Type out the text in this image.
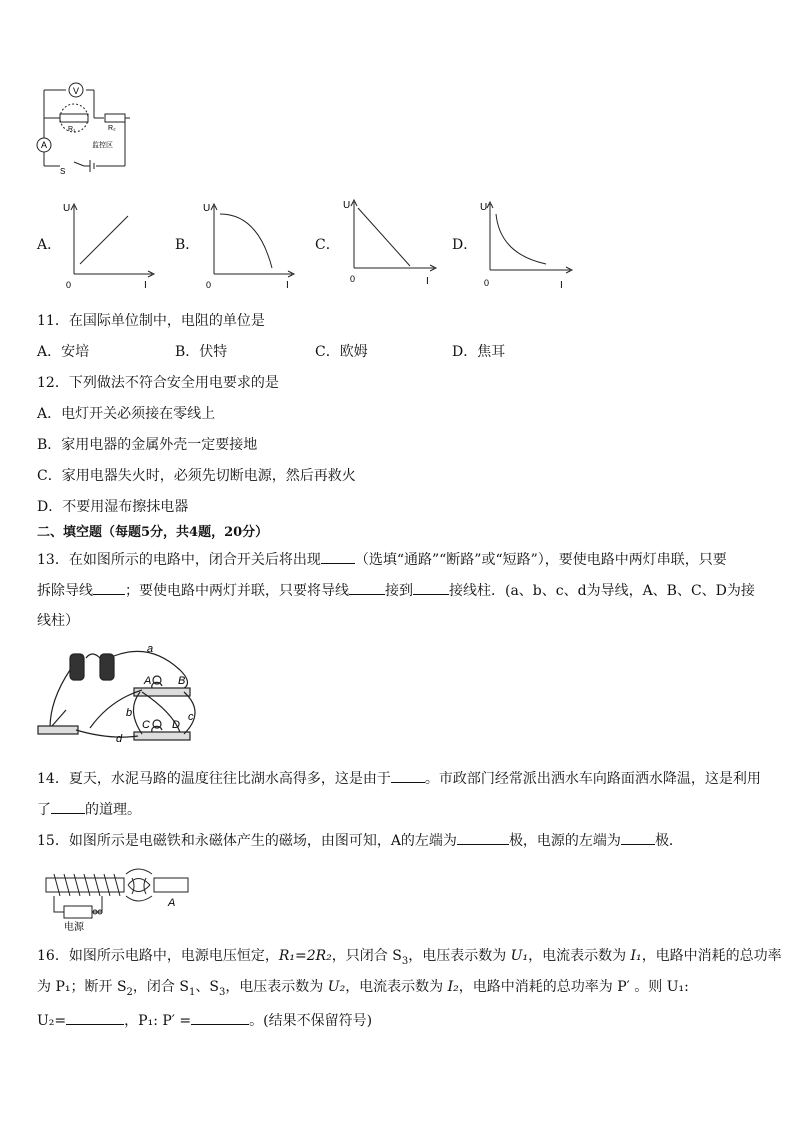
V
A
R₁	R₂
S
监控区
A．	B．	C．	D．
U
0	I
U
0	I
U
0	I
U
0	I
11．在国际单位制中，电阻的单位是
A．安培	B．伏特	C．欧姆	D．焦耳
12．下列做法不符合安全用电要求的是
A．电灯开关必须接在零线上
B．家用电器的金属外壳一定要接地
C．家用电器失火时，必须先切断电源，然后再救火
D．不要用湿布擦抹电器
二、填空题（每题5分，共4题，20分）
13．在如图所示的电路中，闭合开关后将出现 （选填“通路”“断路”或“短路”），要使电路中两灯串联，只要
拆除导线 ；要使电路中两灯并联，只要将导线	接到	接线柱．(a、b、c、d为导线，A、B、C、D为接
线柱）
a
b	c
d
A B
C D
14．夏天，水泥马路的温度往往比湖水高得多，这是由于 。市政部门经常派出洒水车向路面洒水降温，这是利用
了 的道理。
15．如图所示是电磁铁和永磁体产生的磁场，由图可知，A的左端为	极，电源的左端为 极．
A
电源
16．如图所示电路中，电源电压恒定，R₁=2R₂，只闭合 $S_3$，电压表示数为 U₁，电流表示数为 I₁，电路中消耗的总功率
为 P₁；断开 $S_2$，闭合 $S_1$、$S_3$，电压表示数为 U₂，电流表示数为 I₂，电路中消耗的总功率为 P′ 。则 U₁:
U₂=	，P₁: P′ =	。(结果不保留符号)
